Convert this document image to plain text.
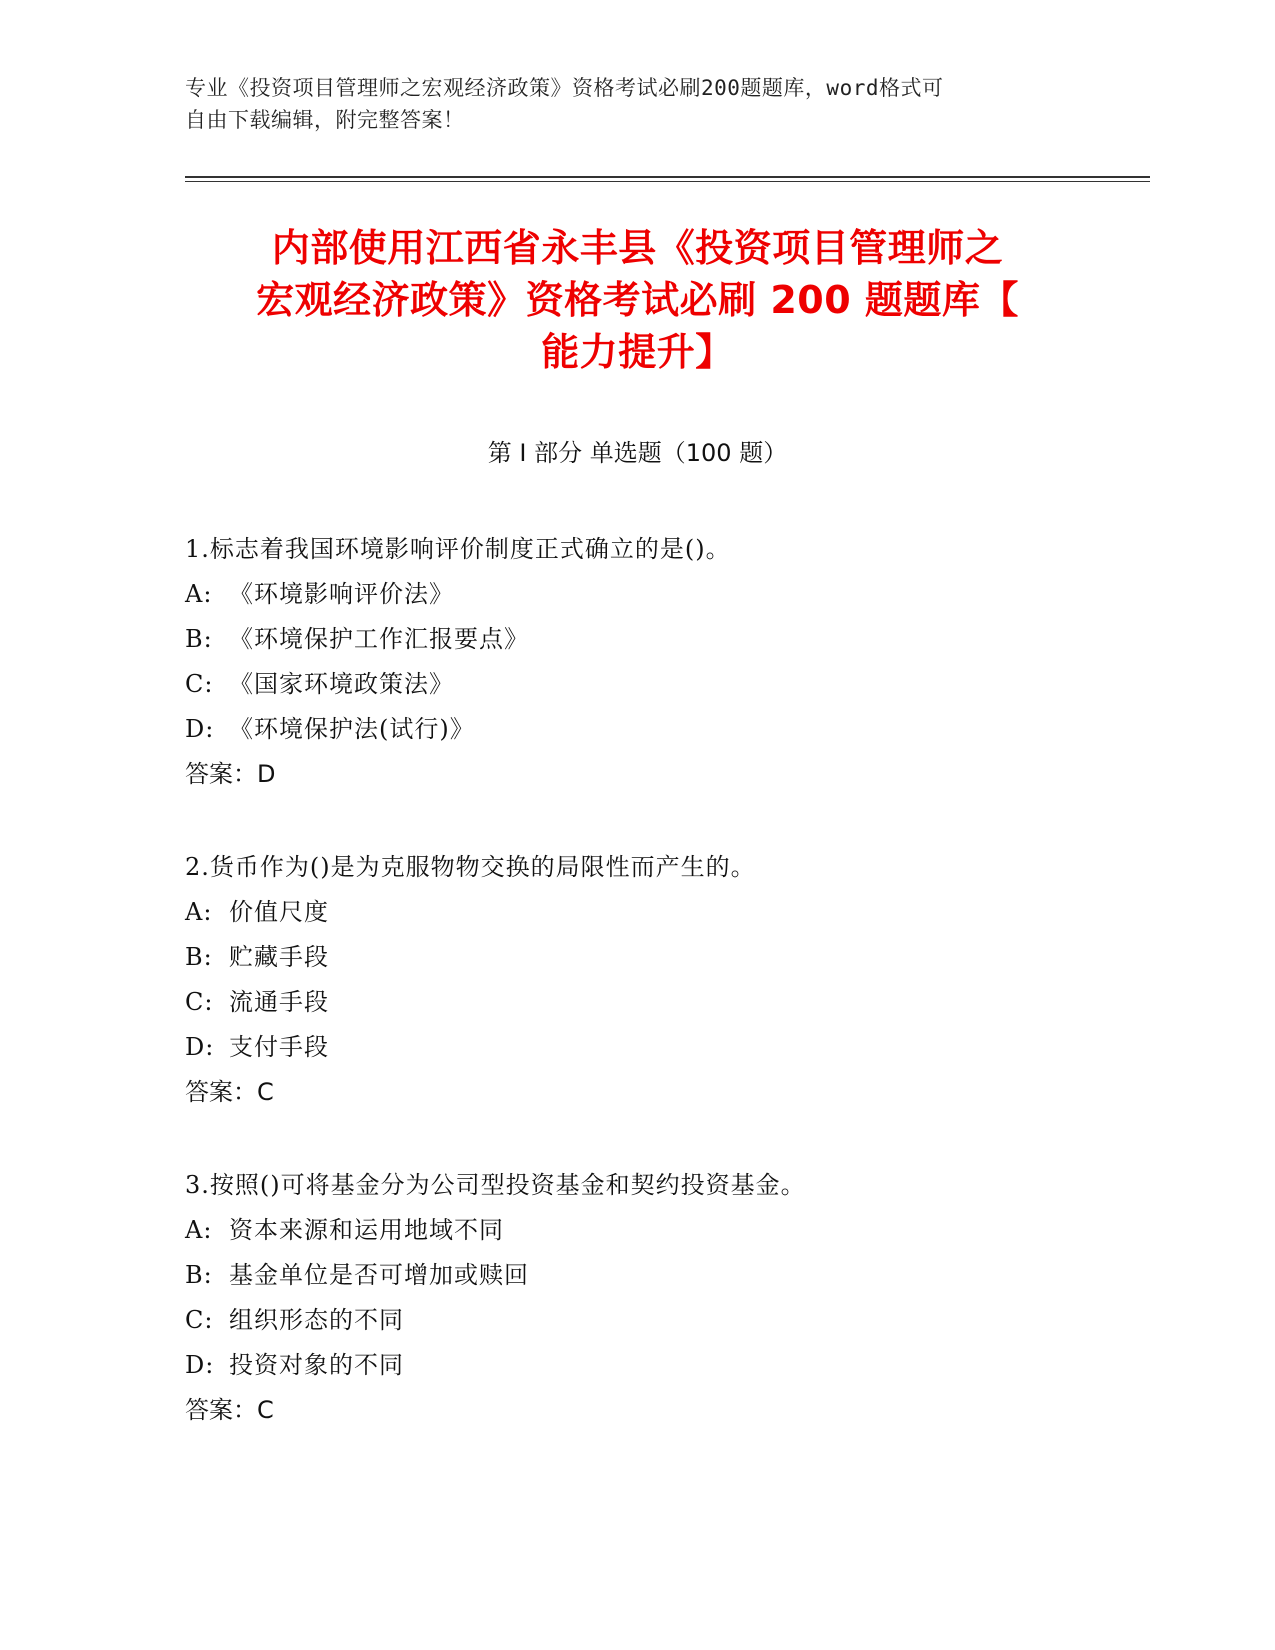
专业《投资项目管理师之宏观经济政策》资格考试必刷200题题库，word格式可
自由下载编辑，附完整答案！
内部使用江西省永丰县《投资项目管理师之
宏观经济政策》资格考试必刷 200 题题库【
能力提升】
第 I 部分 单选题（100 题）
1.标志着我国环境影响评价制度正式确立的是()。
A: 《环境影响评价法》
B: 《环境保护工作汇报要点》
C: 《国家环境政策法》
D: 《环境保护法(试行)》
答案：D
2.货币作为()是为克服物物交换的局限性而产生的。
A: 价值尺度
B: 贮藏手段
C: 流通手段
D: 支付手段
答案：C
3.按照()可将基金分为公司型投资基金和契约投资基金。
A: 资本来源和运用地域不同
B: 基金单位是否可增加或赎回
C: 组织形态的不同
D: 投资对象的不同
答案：C
